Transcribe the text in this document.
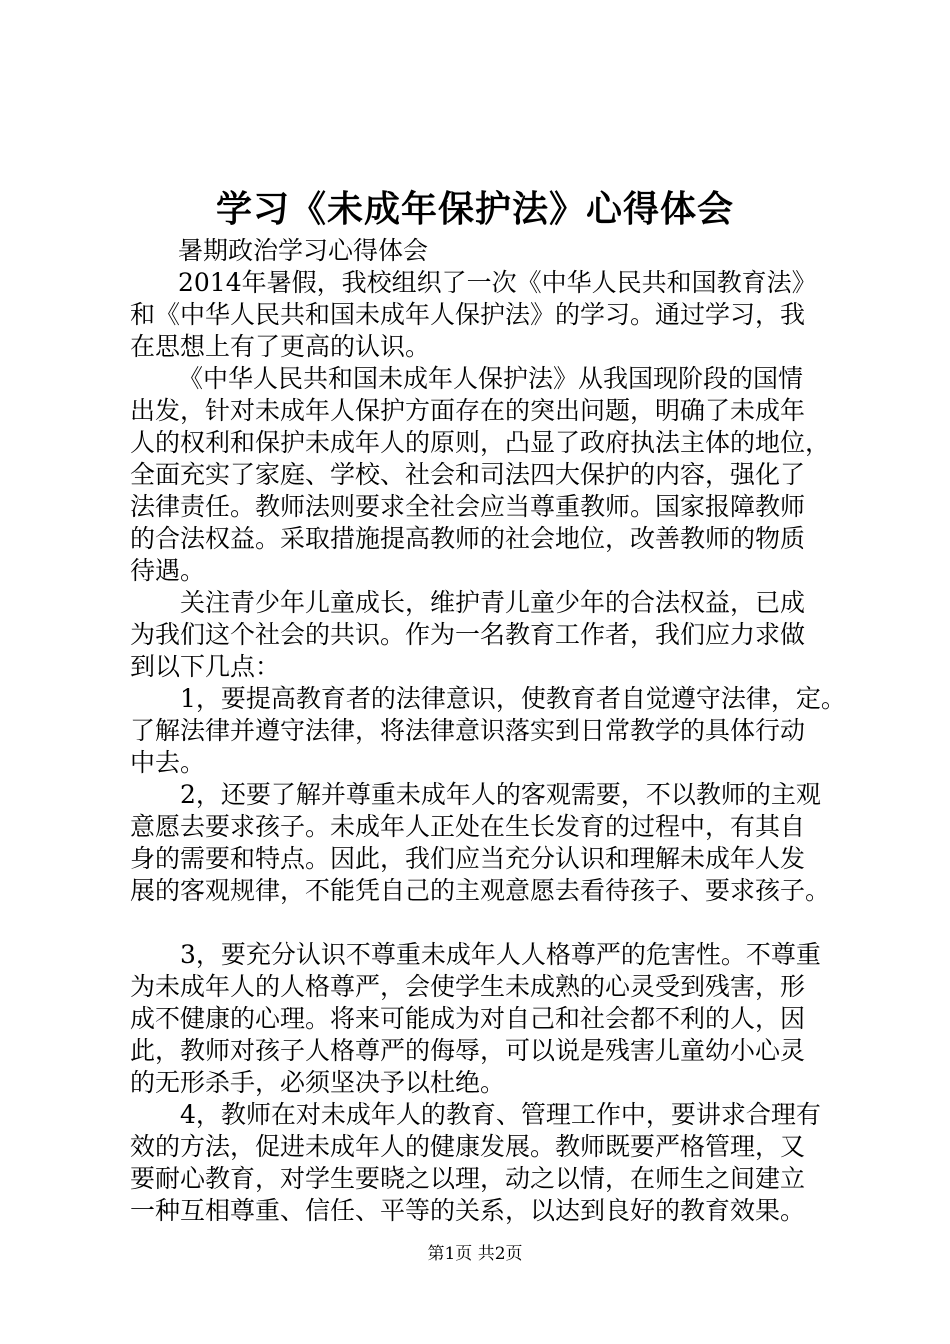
学习《未成年保护法》心得体会
暑期政治学习心得体会
2014年暑假，我校组织了一次《中华人民共和国教育法》
和《中华人民共和国未成年人保护法》的学习。通过学习，我
在思想上有了更高的认识。
《中华人民共和国未成年人保护法》从我国现阶段的国情
出发，针对未成年人保护方面存在的突出问题，明确了未成年
人的权利和保护未成年人的原则，凸显了政府执法主体的地位，
全面充实了家庭、学校、社会和司法四大保护的内容，强化了
法律责任。教师法则要求全社会应当尊重教师。国家报障教师
的合法权益。采取措施提高教师的社会地位，改善教师的物质
待遇。
关注青少年儿童成长，维护青儿童少年的合法权益，已成
为我们这个社会的共识。作为一名教育工作者，我们应力求做
到以下几点：
1，要提高教育者的法律意识，使教育者自觉遵守法律，定。
了解法律并遵守法律，将法律意识落实到日常教学的具体行动
中去。
2，还要了解并尊重未成年人的客观需要，不以教师的主观
意愿去要求孩子。未成年人正处在生长发育的过程中，有其自
身的需要和特点。因此，我们应当充分认识和理解未成年人发
展的客观规律，不能凭自己的主观意愿去看待孩子、要求孩子。
3，要充分认识不尊重未成年人人格尊严的危害性。不尊重
为未成年人的人格尊严，会使学生未成熟的心灵受到残害，形
成不健康的心理。将来可能成为对自己和社会都不利的人，因
此，教师对孩子人格尊严的侮辱，可以说是残害儿童幼小心灵
的无形杀手，必须坚决予以杜绝。
4，教师在对未成年人的教育、管理工作中，要讲求合理有
效的方法，促进未成年人的健康发展。教师既要严格管理，又
要耐心教育，对学生要晓之以理，动之以情，在师生之间建立
一种互相尊重、信任、平等的关系，以达到良好的教育效果。
第1页 共2页
